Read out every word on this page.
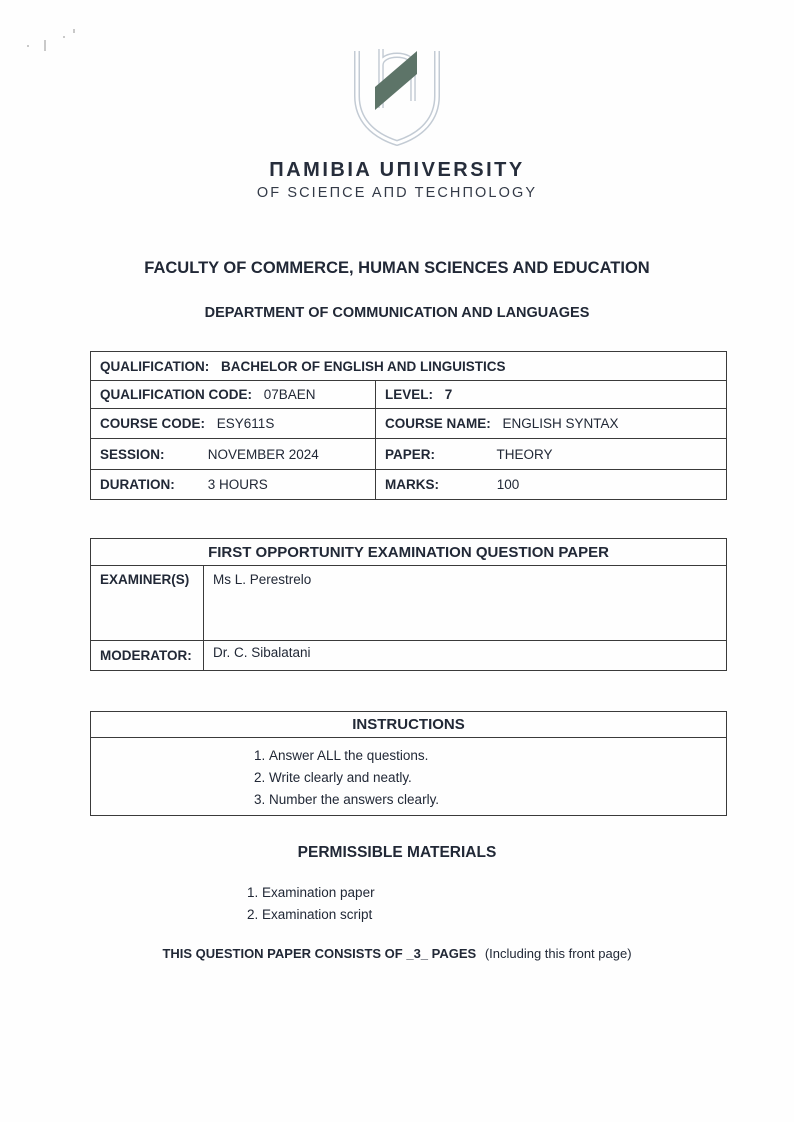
ΠAMIBIA UΠIVERSITY
OF SCIEΠCE AΠD TECHΠOLOGY
FACULTY OF COMMERCE, HUMAN SCIENCES AND EDUCATION
DEPARTMENT OF COMMUNICATION AND LANGUAGES
QUALIFICATION: BACHELOR OF ENGLISH AND LINGUISTICS	
QUALIFICATION CODE: 07BAEN	LEVEL: 7
COURSE CODE: ESY611S	COURSE NAME: ENGLISH SYNTAX
SESSION: NOVEMBER 2024	PAPER: THEORY
DURATION: 3 HOURS	MARKS: 100
FIRST OPPORTUNITY EXAMINATION QUESTION PAPER	
EXAMINER(S)	Ms L. Perestrelo
MODERATOR:	Dr. C. Sibalatani
INSTRUCTIONS

1. Answer ALL the questions.
2. Write clearly and neatly.
3. Number the answers clearly.
PERMISSIBLE MATERIALS
1. Examination paper
2. Examination script
THIS QUESTION PAPER CONSISTS OF _3_ PAGES (Including this front page)
